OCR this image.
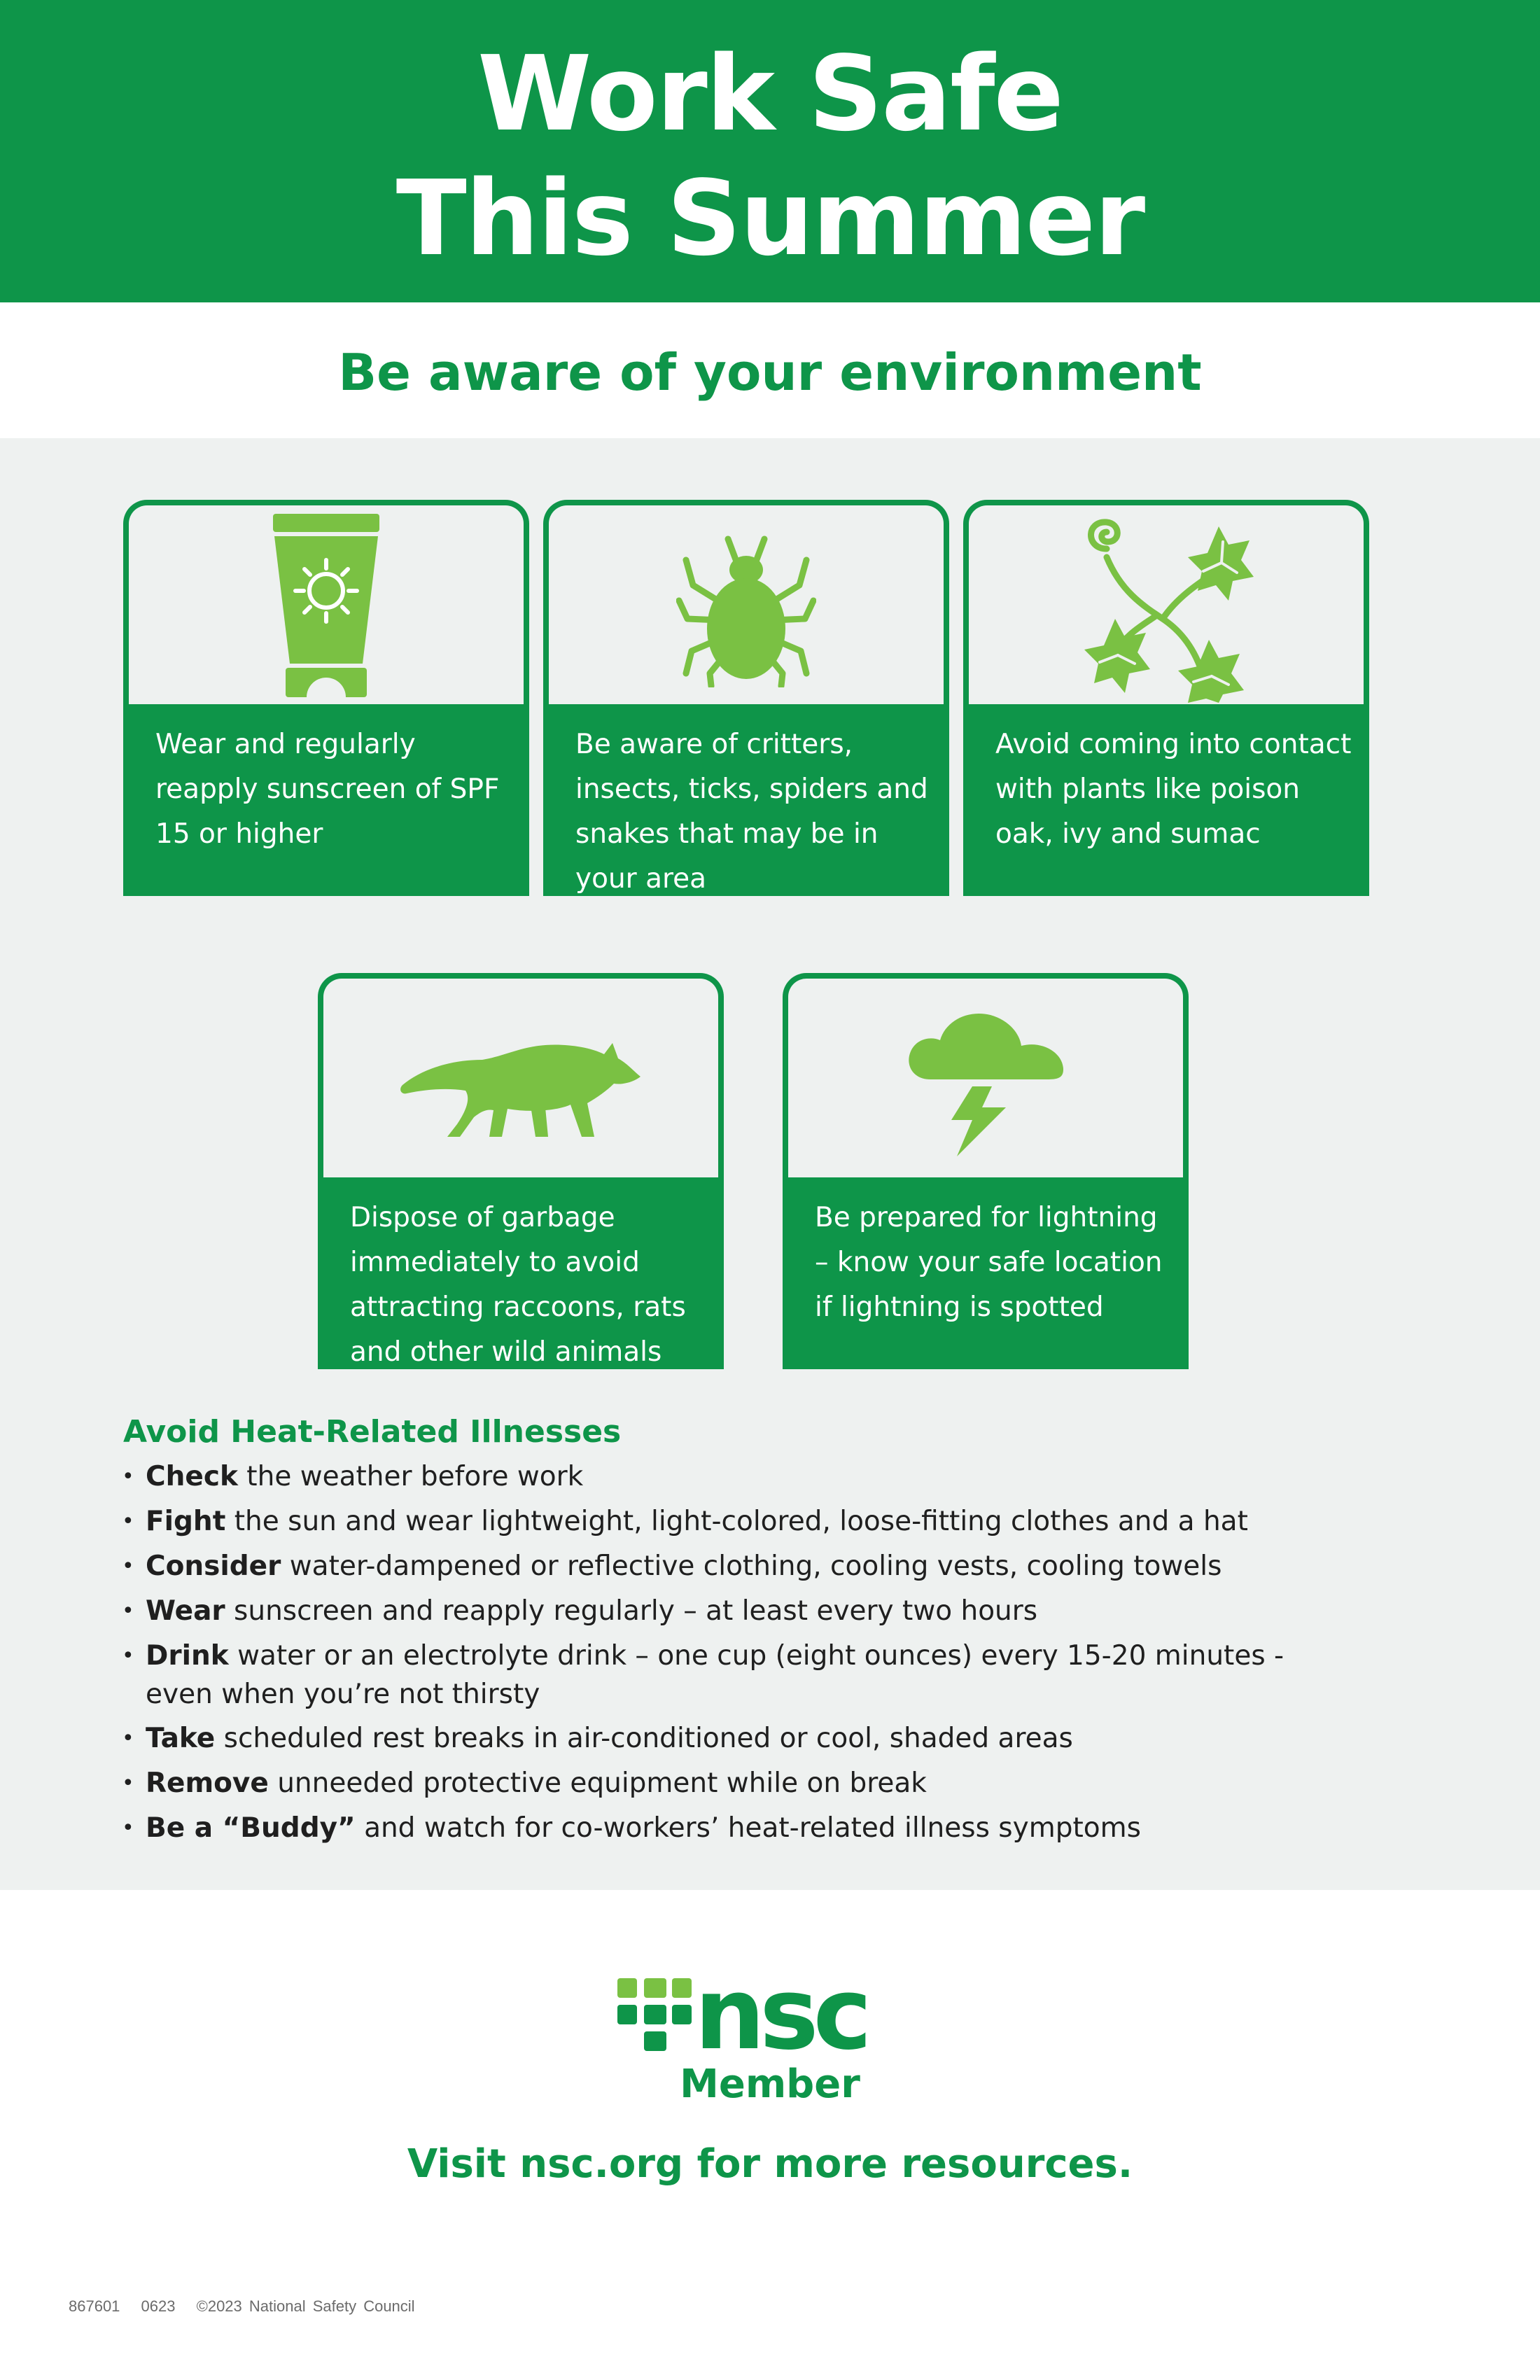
Work Safe
This Summer
Be aware of your environment
Wear and regularly reapply sunscreen of SPF 15 or higher
Be aware of critters, insects, ticks, spiders and snakes that may be in your area
Avoid coming into contact with plants like poison oak, ivy and sumac
Dispose of garbage immediately to avoid attracting raccoons, rats and other wild animals
Be prepared for lightning – know your safe location if lightning is spotted
Avoid Heat-Related Illnesses
• Check the weather before work
• Fight the sun and wear lightweight, light-colored, loose-fitting clothes and a hat
• Consider water-dampened or reflective clothing, cooling vests, cooling towels
• Wear sunscreen and reapply regularly – at least every two hours
• Drink water or an electrolyte drink – one cup (eight ounces) every 15-20 minutes - even when you’re not thirsty
• Take scheduled rest breaks in air-conditioned or cool, shaded areas
• Remove unneeded protective equipment while on break
• Be a “Buddy” and watch for co-workers’ heat-related illness symptoms
nsc
Member
Visit nsc.org for more resources.
867601 0623 ©2023 National Safety Council
